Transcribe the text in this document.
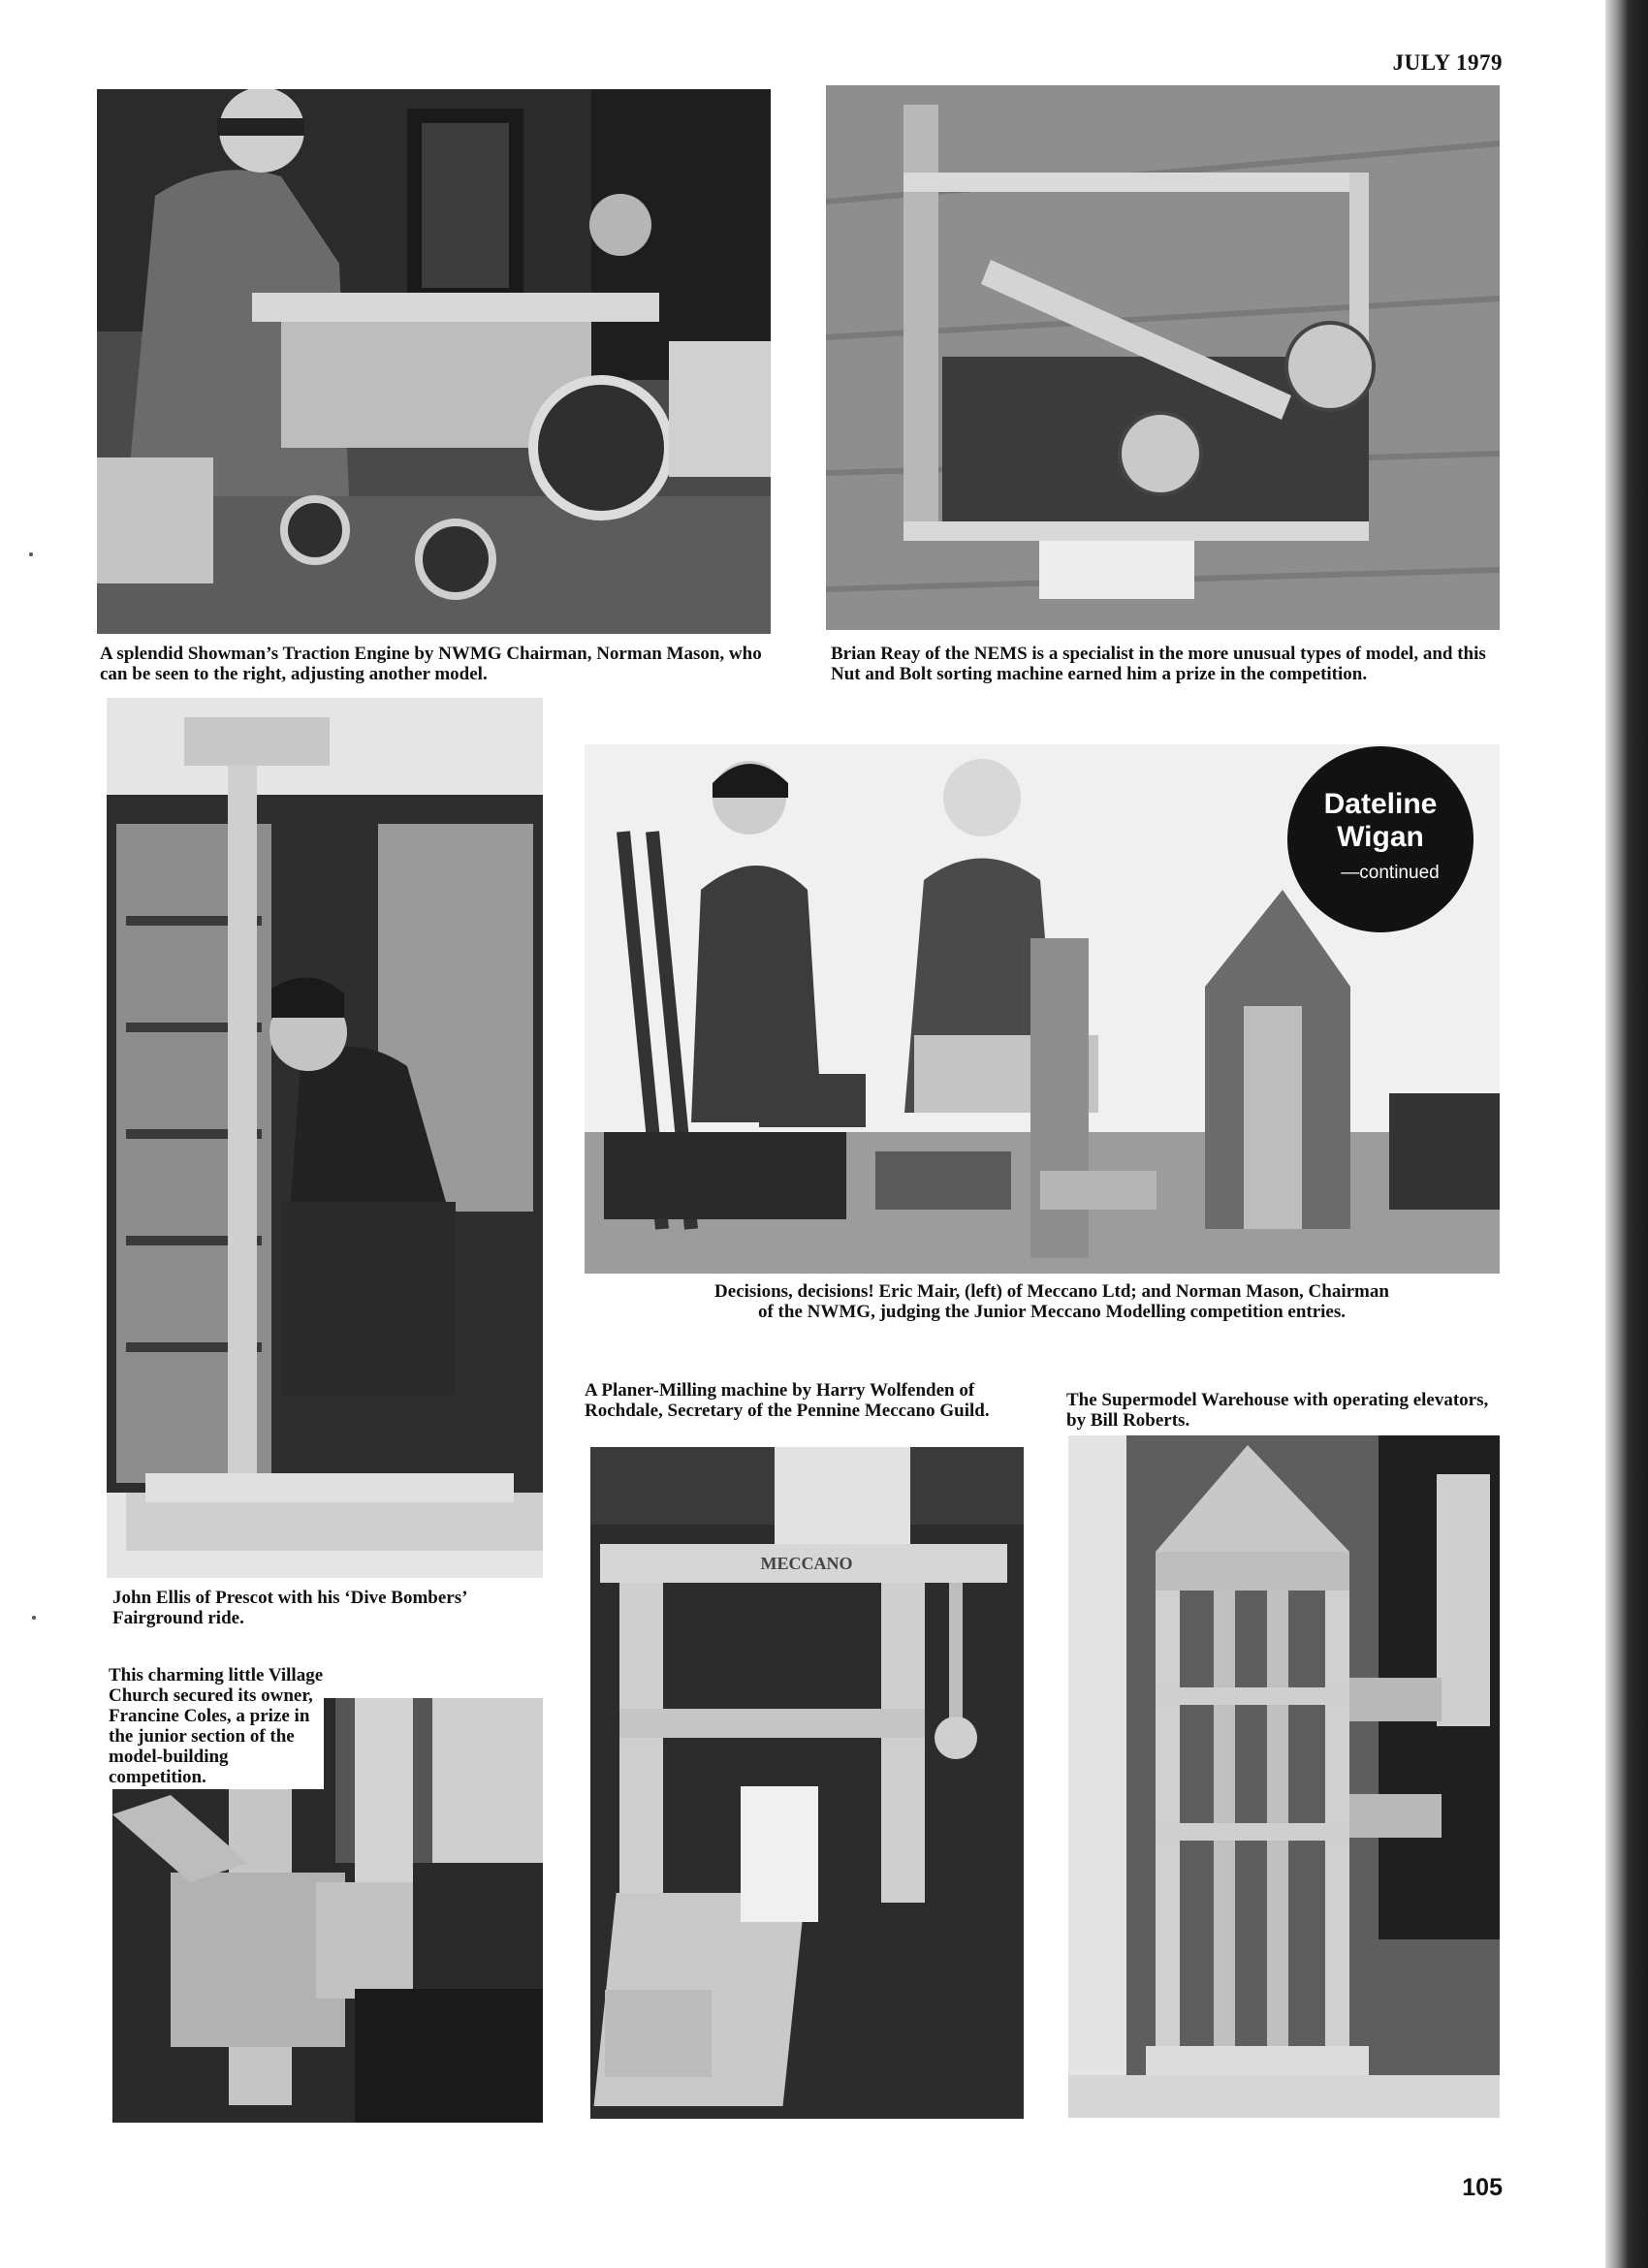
JULY 1979
A splendid Showman’s Traction Engine by NWMG Chairman, Norman Mason, who can be seen to the right, adjusting another model.
Brian Reay of the NEMS is a specialist in the more unusual types of model, and this Nut and Bolt sorting machine earned him a prize in the competition.
John Ellis of Prescot with his ‘Dive Bombers’ Fairground ride.
Dateline
Wigan
—continued
Decisions, decisions! Eric Mair, (left) of Meccano Ltd; and Norman Mason, Chairman of the NWMG, judging the Junior Meccano Modelling competition entries.
A Planer-Milling machine by Harry Wolfenden of Rochdale, Secretary of the Pennine Meccano Guild.
MECCANO
The Supermodel Warehouse with operating elevators, by Bill Roberts.
This charming little Village Church secured its owner, Francine Coles, a prize in the junior section of the model-building competition.
105
